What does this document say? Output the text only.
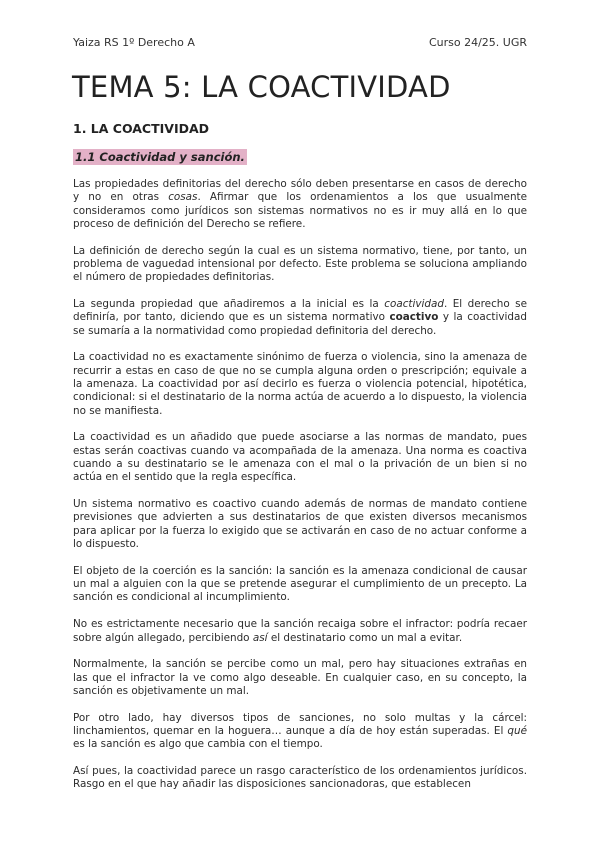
Yaiza RS 1º Derecho A	Curso 24/25. UGR
TEMA 5: LA COACTIVIDAD
1. LA COACTIVIDAD
1.1 Coactividad y sanción.

Las propiedades definitorias del derecho sólo deben presentarse en casos de derecho y no en otras cosas. Afirmar que los ordenamientos a los que usualmente consideramos como jurídicos son sistemas normativos no es ir muy allá en lo que proceso de definición del Derecho se refiere.

La definición de derecho según la cual es un sistema normativo, tiene, por tanto, un problema de vaguedad intensional por defecto. Este problema se soluciona ampliando el número de propiedades definitorias.

La segunda propiedad que añadiremos a la inicial es la coactividad. El derecho se definiría, por tanto, diciendo que es un sistema normativo coactivo y la coactividad se sumaría a la normatividad como propiedad definitoria del derecho.

La coactividad no es exactamente sinónimo de fuerza o violencia, sino la amenaza de recurrir a estas en caso de que no se cumpla alguna orden o prescripción; equivale a la amenaza. La coactividad por así decirlo es fuerza o violencia potencial, hipotética, condicional: si el destinatario de la norma actúa de acuerdo a lo dispuesto, la violencia no se manifiesta.

La coactividad es un añadido que puede asociarse a las normas de mandato, pues estas serán coactivas cuando va acompañada de la amenaza. Una norma es coactiva cuando a su destinatario se le amenaza con el mal o la privación de un bien si no actúa en el sentido que la regla específica.

Un sistema normativo es coactivo cuando además de normas de mandato contiene previsiones que advierten a sus destinatarios de que existen diversos mecanismos para aplicar por la fuerza lo exigido que se activarán en caso de no actuar conforme a lo dispuesto.

El objeto de la coerción es la sanción: la sanción es la amenaza condicional de causar un mal a alguien con la que se pretende asegurar el cumplimiento de un precepto. La sanción es condicional al incumplimiento.

No es estrictamente necesario que la sanción recaiga sobre el infractor: podría recaer sobre algún allegado, percibiendo así el destinatario como un mal a evitar.

Normalmente, la sanción se percibe como un mal, pero hay situaciones extrañas en las que el infractor la ve como algo deseable. En cualquier caso, en su concepto, la sanción es objetivamente un mal.

Por otro lado, hay diversos tipos de sanciones, no solo multas y la cárcel: linchamientos, quemar en la hoguera… aunque a día de hoy están superadas. El qué es la sanción es algo que cambia con el tiempo.

Así pues, la coactividad parece un rasgo característico de los ordenamientos jurídicos. Rasgo en el que hay añadir las disposiciones sancionadoras, que establecen
